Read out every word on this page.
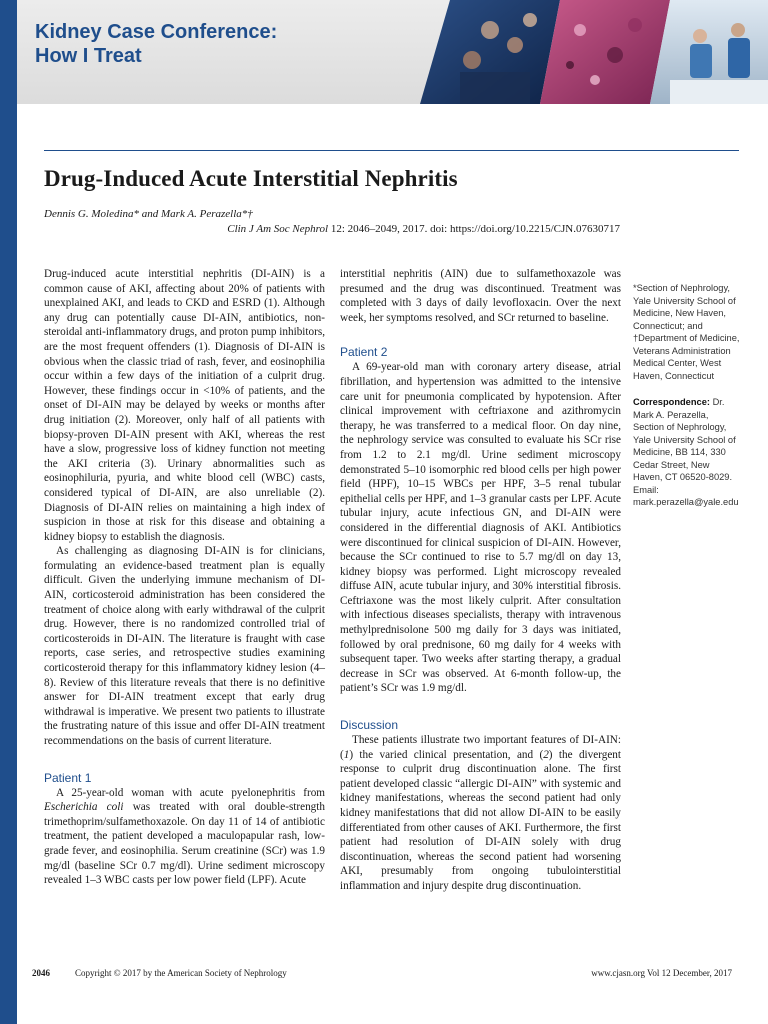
Kidney Case Conference:
How I Treat
Drug-Induced Acute Interstitial Nephritis
Dennis G. Moledina* and Mark A. Perazella*†
Clin J Am Soc Nephrol 12: 2046–2049, 2017. doi: https://doi.org/10.2215/CJN.07630717

Drug-induced acute interstitial nephritis (DI-AIN) is a common cause of AKI, affecting about 20% of patients with unexplained AKI, and leads to CKD and ESRD (1). Although any drug can potentially cause DI-AIN, antibiotics, non-steroidal anti-inflammatory drugs, and proton pump inhibitors, are the most frequent offenders (1). Diagnosis of DI-AIN is obvious when the classic triad of rash, fever, and eosinophilia occur within a few days of the initiation of a culprit drug. However, these findings occur in <10% of patients, and the onset of DI-AIN may be delayed by weeks or months after drug initiation (2). Moreover, only half of all patients with biopsy-proven DI-AIN present with AKI, whereas the rest have a slow, progressive loss of kidney function not meeting the AKI criteria (3). Urinary abnormalities such as eosinophiluria, pyuria, and white blood cell (WBC) casts, considered typical of DI-AIN, are also unreliable (2). Diagnosis of DI-AIN relies on maintaining a high index of suspicion in those at risk for this disease and obtaining a kidney biopsy to establish the diagnosis.

As challenging as diagnosing DI-AIN is for clinicians, formulating an evidence-based treatment plan is equally difficult. Given the underlying immune mechanism of DI-AIN, corticosteroid administration has been considered the treatment of choice along with early withdrawal of the culprit drug. However, there is no randomized controlled trial of corticosteroids in DI-AIN. The literature is fraught with case reports, case series, and retrospective studies examining corticosteroid therapy for this inflammatory kidney lesion (4–8). Review of this literature reveals that there is no definitive answer for DI-AIN treatment except that early drug withdrawal is imperative. We present two patients to illustrate the frustrating nature of this issue and offer DI-AIN treatment recommendations on the basis of current literature.

Patient 1

A 25-year-old woman with acute pyelonephritis from Escherichia coli was treated with oral double-strength trimethoprim/sulfamethoxazole. On day 11 of 14 of antibiotic treatment, the patient developed a maculopapular rash, low-grade fever, and eosinophilia. Serum creatinine (SCr) was 1.9 mg/dl (baseline SCr 0.7 mg/dl). Urine sediment microscopy revealed 1–3 WBC casts per low power field (LPF). Acute

interstitial nephritis (AIN) due to sulfamethoxazole was presumed and the drug was discontinued. Treatment was completed with 3 days of daily levofloxacin. Over the next week, her symptoms resolved, and SCr returned to baseline.

Patient 2

A 69-year-old man with coronary artery disease, atrial fibrillation, and hypertension was admitted to the intensive care unit for pneumonia complicated by hypotension. After clinical improvement with ceftriaxone and azithromycin therapy, he was transferred to a medical floor. On day nine, the nephrology service was consulted to evaluate his SCr rise from 1.2 to 2.1 mg/dl. Urine sediment microscopy demonstrated 5–10 isomorphic red blood cells per high power field (HPF), 10–15 WBCs per HPF, 3–5 renal tubular epithelial cells per HPF, and 1–3 granular casts per LPF. Acute tubular injury, acute infectious GN, and DI-AIN were considered in the differential diagnosis of AKI. Antibiotics were discontinued for clinical suspicion of DI-AIN. However, because the SCr continued to rise to 5.7 mg/dl on day 13, kidney biopsy was performed. Light microscopy revealed diffuse AIN, acute tubular injury, and 30% interstitial fibrosis. Ceftriaxone was the most likely culprit. After consultation with infectious diseases specialists, therapy with intravenous methylprednisolone 500 mg daily for 3 days was initiated, followed by oral prednisone, 60 mg daily for 4 weeks with subsequent taper. Two weeks after starting therapy, a gradual decrease in SCr was observed. At 6-month follow-up, the patient’s SCr was 1.9 mg/dl.

Discussion

These patients illustrate two important features of DI-AIN: (1) the varied clinical presentation, and (2) the divergent response to culprit drug discontinuation alone. The first patient developed classic “allergic DI-AIN” with systemic and kidney manifestations, whereas the second patient had only kidney manifestations that did not allow DI-AIN to be easily differentiated from other causes of AKI. Furthermore, the first patient had resolution of DI-AIN solely with drug discontinuation, whereas the second patient had worsening AKI, presumably from ongoing tubulointerstitial inflammation and injury despite drug discontinuation.

*Section of Nephrology, Yale University School of Medicine, New Haven, Connecticut; and †Department of Medicine, Veterans Administration Medical Center, West Haven, Connecticut

Correspondence: Dr. Mark A. Perazella, Section of Nephrology, Yale University School of Medicine, BB 114, 330 Cedar Street, New Haven, CT 06520-8029. Email: mark.perazella@yale.edu

2046	Copyright © 2017 by the American Society of Nephrology	www.cjasn.org Vol 12 December, 2017
